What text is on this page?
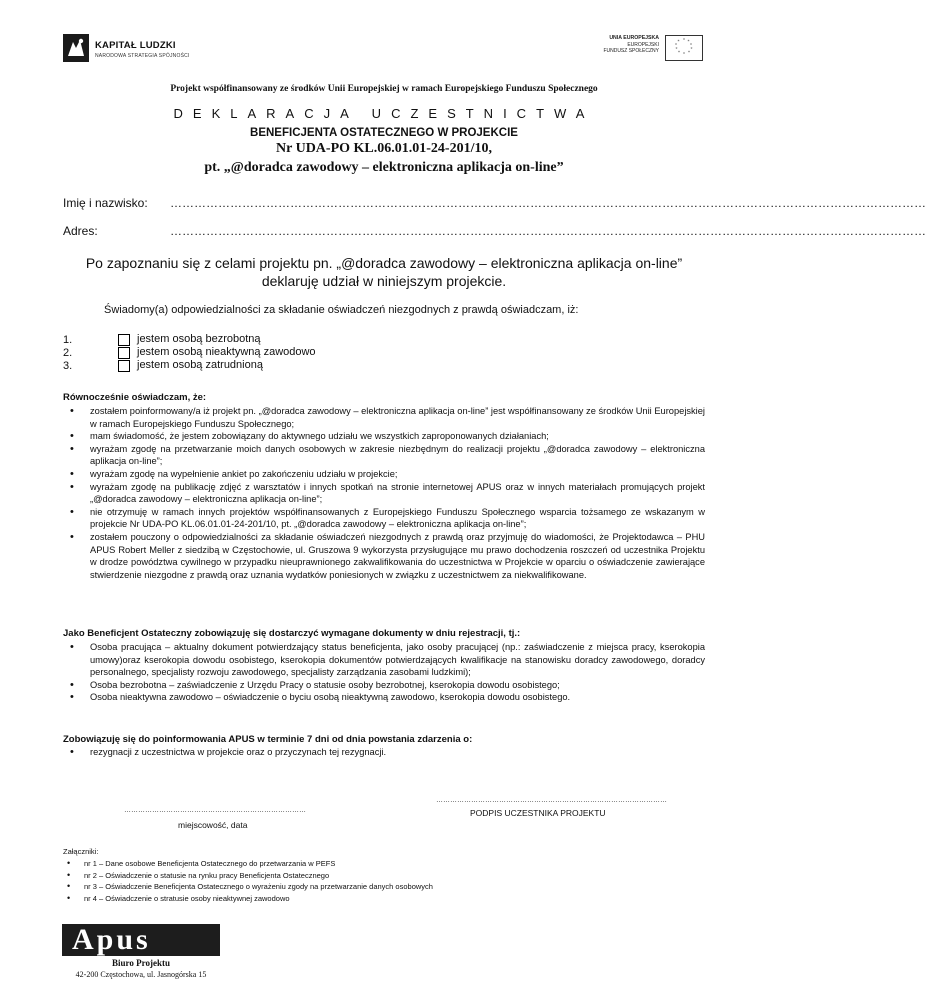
KAPITAŁ LUDZKI
NARODOWA STRATEGIA SPÓJNOŚCI
UNIA EUROPEJSKA
EUROPEJSKI
FUNDUSZ SPOŁECZNY
* *
*
*
*
*
*
*
*
*
Projekt współfinansowany ze środków Unii Europejskiej w ramach Europejskiego Funduszu Społecznego
DEKLARACJA UCZESTNICTWA
BENEFICJENTA OSTATECZNEGO W PROJEKCIE
Nr UDA-PO KL.06.01.01-24-201/10,
pt. „@doradca zawodowy – elektroniczna aplikacja on-line”
Imię i nazwisko: ………………………………………………………………………………………………………………………………………………………………………
Adres:	………………………………………………………………………………………………………………………………………………………………………
Po zapoznaniu się z celami projektu pn. „@doradca zawodowy – elektroniczna aplikacja on-line”
deklaruję udział w niniejszym projekcie.
Świadomy(a) odpowiedzialności za składanie oświadczeń niezgodnych z prawdą oświadczam, iż:
1.	jestem osobą bezrobotną
2.	jestem osobą nieaktywną zawodowo
3.	jestem osobą zatrudnioną
Równocześnie oświadczam, że:
• zostałem poinformowany/a iż projekt pn. „@doradca zawodowy – elektroniczna aplikacja on-line” jest współfinansowany ze środków Unii Europejskiej w ramach Europejskiego Funduszu Społecznego;
• mam świadomość, że jestem zobowiązany do aktywnego udziału we wszystkich zaproponowanych działaniach;
• wyrażam zgodę na przetwarzanie moich danych osobowych w zakresie niezbędnym do realizacji projektu „@doradca zawodowy – elektroniczna aplikacja on-line”;
• wyrażam zgodę na wypełnienie ankiet po zakończeniu udziału w projekcie;
• wyrażam zgodę na publikację zdjęć z warsztatów i innych spotkań na stronie internetowej APUS oraz w innych materiałach promujących projekt „@doradca zawodowy – elektroniczna aplikacja on-line”;
• nie otrzymuję w ramach innych projektów współfinansowanych z Europejskiego Funduszu Społecznego wsparcia tożsamego ze wskazanym w projekcie Nr UDA-PO KL.06.01.01-24-201/10, pt. „@doradca zawodowy – elektroniczna aplikacja on-line”;
• zostałem pouczony o odpowiedzialności za składanie oświadczeń niezgodnych z prawdą oraz przyjmuję do wiadomości, że Projektodawca – PHU APUS Robert Meller z siedzibą w Częstochowie, ul. Gruszowa 9 wykorzysta przysługujące mu prawo dochodzenia roszczeń od uczestnika Projektu w drodze powództwa cywilnego w przypadku nieuprawnionego zakwalifikowania do uczestnictwa w Projekcie w oparciu o oświadczenie zawierające stwierdzenie niezgodne z prawdą oraz uznania wydatków poniesionych w związku z uczestnictwem za niekwalifikowane.
Jako Beneficjent Ostateczny zobowiązuję się dostarczyć wymagane dokumenty w dniu rejestracji, tj.:
• Osoba pracująca – aktualny dokument potwierdzający status beneficjenta, jako osoby pracującej (np.: zaświadczenie z miejsca pracy, kserokopia umowy)oraz kserokopia dowodu osobistego, kserokopia dokumentów potwierdzających kwalifikacje na stanowisku doradcy zawodowego, doradcy personalnego, specjalisty rozwoju zawodowego, specjalisty zarządzania zasobami ludzkimi);
• Osoba bezrobotna – zaświadczenie z Urzędu Pracy o statusie osoby bezrobotnej, kserokopia dowodu osobistego;
• Osoba nieaktywna zawodowo – oświadczenie o byciu osobą nieaktywną zawodowo, kserokopia dowodu osobistego.
Zobowiązuję się do poinformowania APUS w terminie 7 dni od dnia powstania zdarzenia o:
• rezygnacji z uczestnictwa w projekcie oraz o przyczynach tej rezygnacji.
……………………………………………………………………
miejscowość, data
………………………………………………………………………………………
PODPIS UCZESTNIKA PROJEKTU
Załączniki:
• nr 1 – Dane osobowe Beneficjenta Ostatecznego do przetwarzania w PEFS
• nr 2 – Oświadczenie o statusie na rynku pracy Beneficjenta Ostatecznego
• nr 3 – Oświadczenie Beneficjenta Ostatecznego o wyrażeniu zgody na przetwarzanie danych osobowych
• nr 4 – Oświadczenie o stratusie osoby nieaktywnej zawodowo
Apus
Biuro Projektu
42-200 Częstochowa, ul. Jasnogórska 15
